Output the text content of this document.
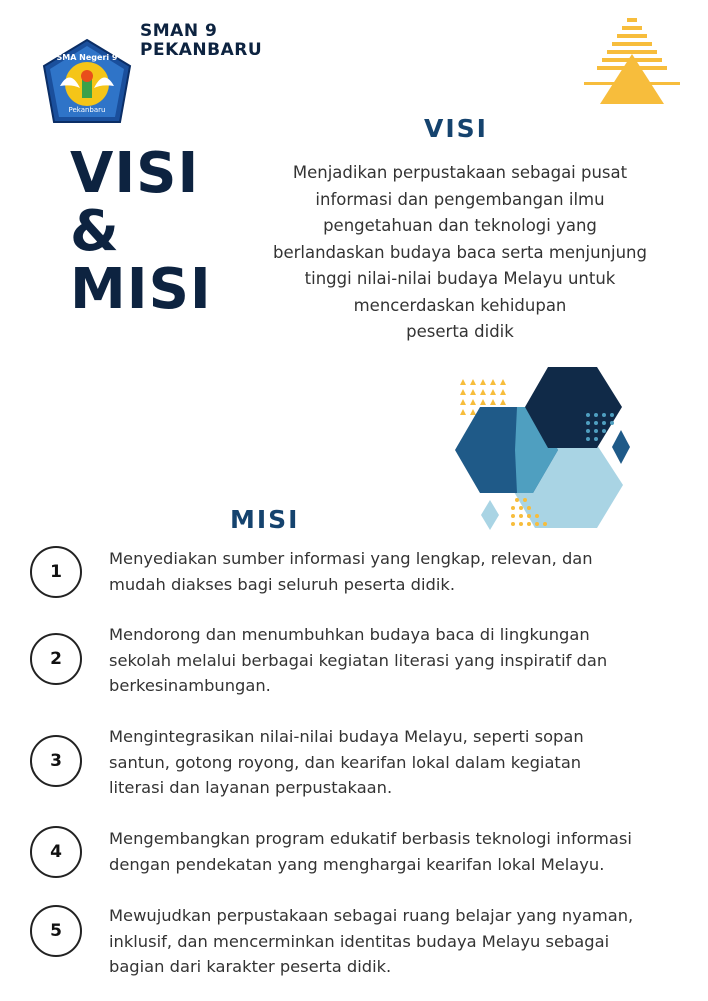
SMAN 9
PEKANBARU
SMA Negeri 9
Pekanbaru
VISI
&
MISI
VISI
Menjadikan perpustakaan sebagai pusat
informasi dan pengembangan ilmu
pengetahuan dan teknologi yang
berlandaskan budaya baca serta menjunjung
tinggi nilai-nilai budaya Melayu untuk
mencerdaskan kehidupan
peserta didik
MISI
1
Menyediakan sumber informasi yang lengkap, relevan, dan
mudah diakses bagi seluruh peserta didik.
2
Mendorong dan menumbuhkan budaya baca di lingkungan
sekolah melalui berbagai kegiatan literasi yang inspiratif dan
berkesinambungan.
3
Mengintegrasikan nilai-nilai budaya Melayu, seperti sopan
santun, gotong royong, dan kearifan lokal dalam kegiatan
literasi dan layanan perpustakaan.
4
Mengembangkan program edukatif berbasis teknologi informasi
dengan pendekatan yang menghargai kearifan lokal Melayu.
5
Mewujudkan perpustakaan sebagai ruang belajar yang nyaman,
inklusif, dan mencerminkan identitas budaya Melayu sebagai
bagian dari karakter peserta didik.
